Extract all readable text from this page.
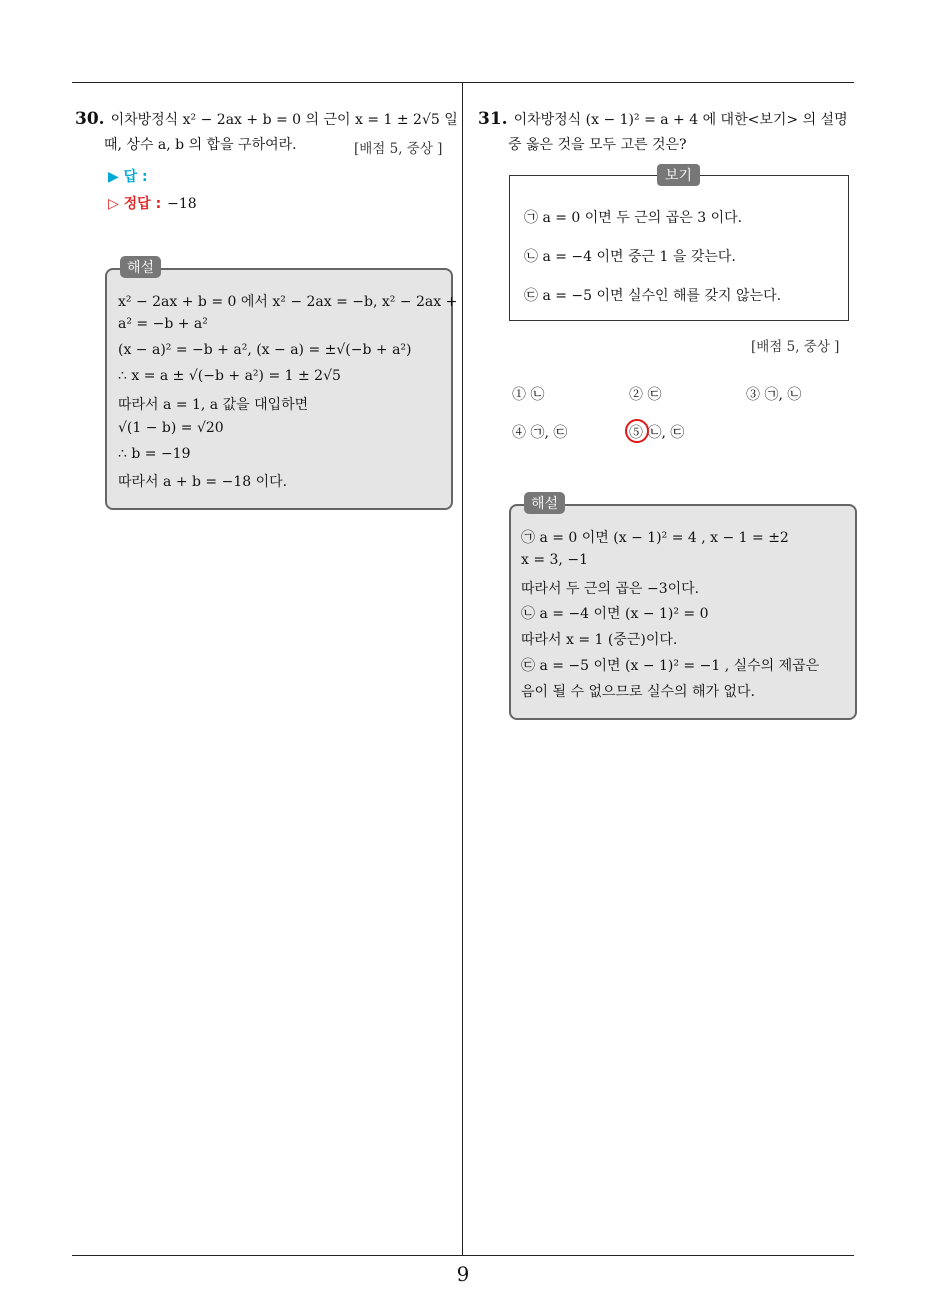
9
30. 이차방정식 x² − 2ax + b = 0 의 근이 x = 1 ± 2√5 일
때, 상수 a, b 의 합을 구하여라.	[배점 5, 중상 ]
▶ 답 :
▷ 정답 : −18
해설
x² − 2ax + b = 0 에서 x² − 2ax = −b, x² − 2ax +
a² = −b + a²
(x − a)² = −b + a², (x − a) = ±√(−b + a²)
∴ x = a ± √(−b + a²) = 1 ± 2√5
따라서 a = 1, a 값을 대입하면
√(1 − b) = √20
∴ b = −19
따라서 a + b = −18 이다.
31. 이차방정식 (x − 1)² = a + 4 에 대한<보기> 의 설명
중 옳은 것을 모두 고른 것은?
보기
㉠ a = 0 이면 두 근의 곱은 3 이다.
㉡ a = −4 이면 중근 1 을 갖는다.
㉢ a = −5 이면 실수인 해를 갖지 않는다.
[배점 5, 중상 ]
① ㉡	② ㉢	③ ㉠, ㉡
④ ㉠, ㉢	⑤ ㉡, ㉢
해설
㉠ a = 0 이면 (x − 1)² = 4 , x − 1 = ±2
x = 3, −1
따라서 두 근의 곱은 −3이다.
㉡ a = −4 이면 (x − 1)² = 0
따라서 x = 1 (중근)이다.
㉢ a = −5 이면 (x − 1)² = −1 , 실수의 제곱은
음이 될 수 없으므로 실수의 해가 없다.
